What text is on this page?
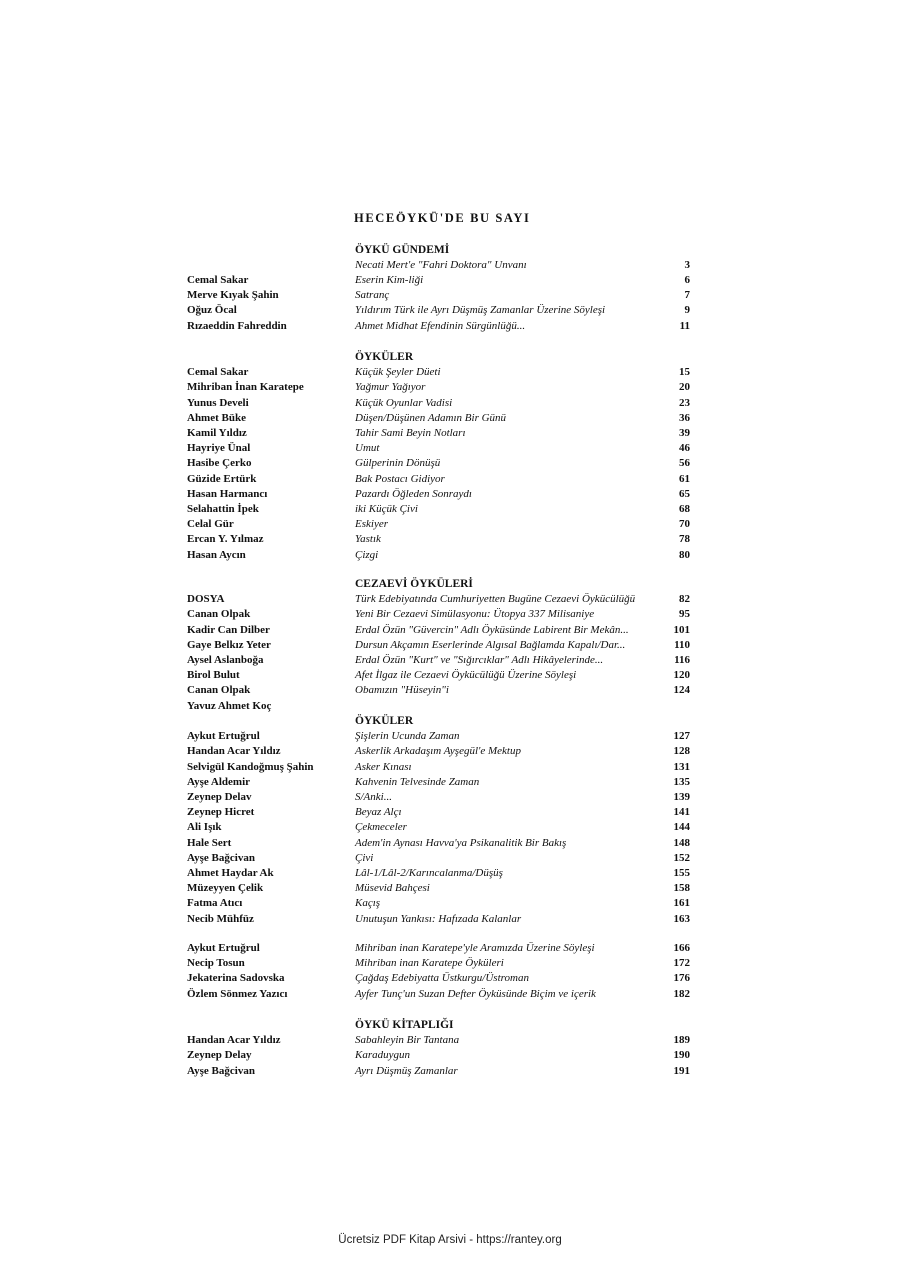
HECEÖYKÜ'DE BU SAYI
ÖYKÜ GÜNDEMİ
Necati Mert'e "Fahri Doktora" Unvanı	3
Cemal Sakar	Eserin Kim-liği	6
Merve Kıyak Şahin	Satranç	7
Oğuz Öcal	Yıldırım Türk ile Ayrı Düşmüş Zamanlar Üzerine Söyleşi	9
Rızaeddin Fahreddin	Ahmet Midhat Efendinin Sürgünlüğü...	11
ÖYKÜLER
Cemal Sakar	Küçük Şeyler Düeti	15
Mihriban İnan Karatepe	Yağmur Yağıyor	20
Yunus Develi	Küçük Oyunlar Vadisi	23
Ahmet Büke	Düşen/Düşünen Adamın Bir Günü	36
Kamil Yıldız	Tahir Sami Beyin Notları	39
Hayriye Ünal	Umut	46
Hasibe Çerko	Gülperinin Dönüşü	56
Güzide Ertürk	Bak Postacı Gidiyor	61
Hasan Harmancı	Pazardı Öğleden Sonraydı	65
Selahattin İpek	iki Küçük Çivi	68
Celal Gür	Eskiyer	70
Ercan Y. Yılmaz	Yastık	78
Hasan Aycın	Çizgi	80
CEZAEVİ ÖYKÜLERİ
DOSYA	Türk Edebiyatında Cumhuriyetten Bugüne Cezaevi Öykücülüğü	82
Canan Olpak	Yeni Bir Cezaevi Simülasyonu: Ütopya 337 Milisaniye	95
Kadir Can Dilber	Erdal Özün "Güvercin" Adlı Öyküsünde Labirent Bir Mekân...	101
Gaye Belkız Yeter	Dursun Akçamın Eserlerinde Algısal Bağlamda Kapalı/Dar...	110
Aysel Aslanboğa	Erdal Özün "Kurt" ve "Sığırcıklar" Adlı Hikâyelerinde...	116
Birol Bulut	Afet İlgaz ile Cezaevi Öykücülüğü Üzerine Söyleşi	120
Canan Olpak	Obamızın "Hüseyin"i	124
Yavuz Ahmet Koç
ÖYKÜLER
Aykut Ertuğrul	Şişlerin Ucunda Zaman	127
Handan Acar Yıldız	Askerlik Arkadaşım Ayşegül'e Mektup	128
Selvigül Kandoğmuş Şahin	Asker Kınası	131
Ayşe Aldemir	Kahvenin Telvesinde Zaman	135
Zeynep Delav	S/Anki...	139
Zeynep Hicret	Beyaz Alçı	141
Ali Işık	Çekmeceler	144
Hale Sert	Adem'in Aynası Havva'ya Psikanalitik Bir Bakış	148
Ayşe Bağcivan	Çivi	152
Ahmet Haydar Ak	Lâl-1/Lâl-2/Karıncalanma/Düşüş	155
Müzeyyen Çelik	Müsevid Bahçesi	158
Fatma Atıcı	Kaçış	161
Necib Mühfüz	Unutuşun Yankısı: Hafızada Kalanlar	163
Aykut Ertuğrul	Mihriban inan Karatepe'yle Aramızda Üzerine Söyleşi	166
Necip Tosun	Mihriban inan Karatepe Öyküleri	172
Jekaterina Sadovska	Çağdaş Edebiyatta Üstkurgu/Üstroman	176
Özlem Sönmez Yazıcı	Ayfer Tunç'un Suzan Defter Öyküsünde Biçim ve içerik	182
ÖYKÜ KİTAPLIĞI
Handan Acar Yıldız	Sabahleyin Bir Tantana	189
Zeynep Delay	Karaduygun	190
Ayşe Bağcivan	Ayrı Düşmüş Zamanlar	191
Ücretsiz PDF Kitap Arsivi - https://rantey.org
